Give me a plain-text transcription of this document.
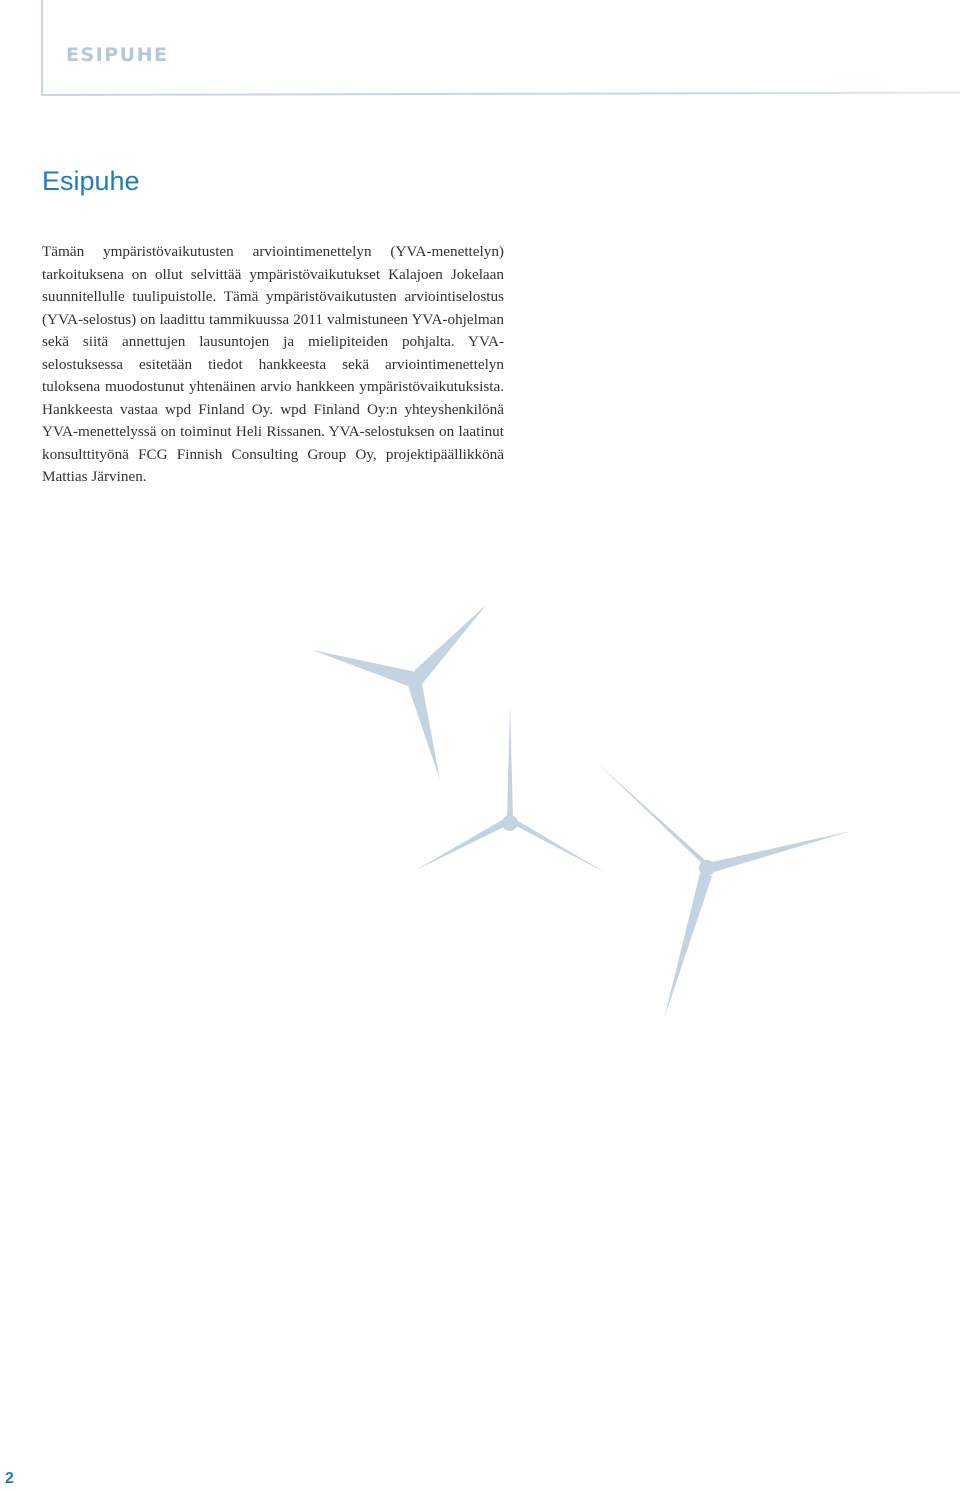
ESIPUHE

Esipuhe

Tämän ympäristövaikutusten arviointimenettelyn (YVA-menettelyn) tarkoituksena on ollut selvittää ympäristövaikutukset Kalajoen Jokelaan suunnitellulle tuulipuistolle. Tämä ympäristövaikutusten arviointiselostus (YVA-selostus) on laadittu tammikuussa 2011 valmistuneen YVA-ohjelman sekä siitä annettujen lausuntojen ja mielipiteiden pohjalta. YVA-selostuksessa esitetään tiedot hankkeesta sekä arviointimenettelyn tuloksena muodostunut yhtenäinen arvio hankkeen ympäristövaikutuksista. Hankkeesta vastaa wpd Finland Oy. wpd Finland Oy:n yhteyshenkilönä YVA-menettelyssä on toiminut Heli Rissanen. YVA-selostuksen on laatinut konsulttityönä FCG Finnish Consulting Group Oy, projektipäällikkönä Mattias Järvinen.

2
